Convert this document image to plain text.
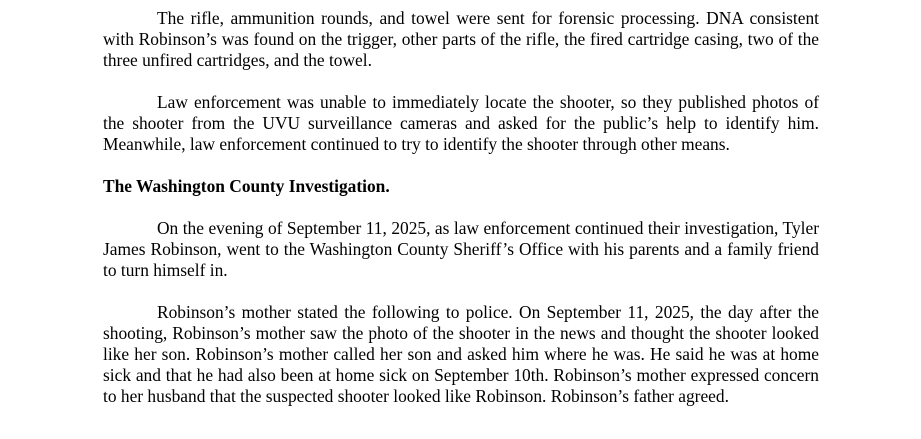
The rifle, ammunition rounds, and towel were sent for forensic processing. DNA consistent with Robinson’s was found on the trigger, other parts of the rifle, the fired cartridge casing, two of the three unfired cartridges, and the towel.

Law enforcement was unable to immediately locate the shooter, so they published photos of the shooter from the UVU surveillance cameras and asked for the public’s help to identify him. Meanwhile, law enforcement continued to try to identify the shooter through other means.

The Washington County Investigation.

On the evening of September 11, 2025, as law enforcement continued their investigation, Tyler James Robinson, went to the Washington County Sheriff’s Office with his parents and a family friend to turn himself in.

Robinson’s mother stated the following to police. On September 11, 2025, the day after the shooting, Robinson’s mother saw the photo of the shooter in the news and thought the shooter looked like her son. Robinson’s mother called her son and asked him where he was. He said he was at home sick and that he had also been at home sick on September 10th. Robinson’s mother expressed concern to her husband that the suspected shooter looked like Robinson. Robinson’s father agreed.
